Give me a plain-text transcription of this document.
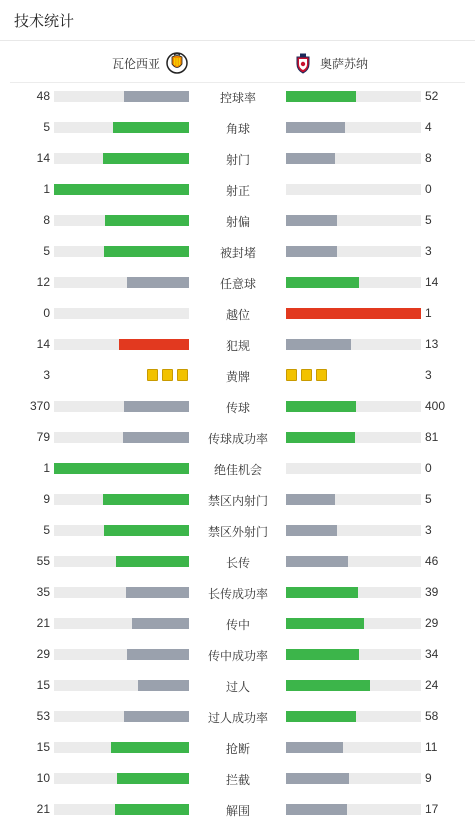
技术统计
瓦伦西亚	奥萨苏纳
48	控球率	52
5	角球	4
14	射门	8
1	射正	0
8	射偏	5
5	被封堵	3
12	任意球	14
0	越位	1
14	犯规	13
3	黄牌	3
370	传球	400
79	传球成功率	81
1	绝佳机会	0
9	禁区内射门	5
5	禁区外射门	3
55	长传	46
35	长传成功率	39
21	传中	29
29	传中成功率	34
15	过人	24
53	过人成功率	58
15	抢断	11
10	拦截	9
21	解围	17
